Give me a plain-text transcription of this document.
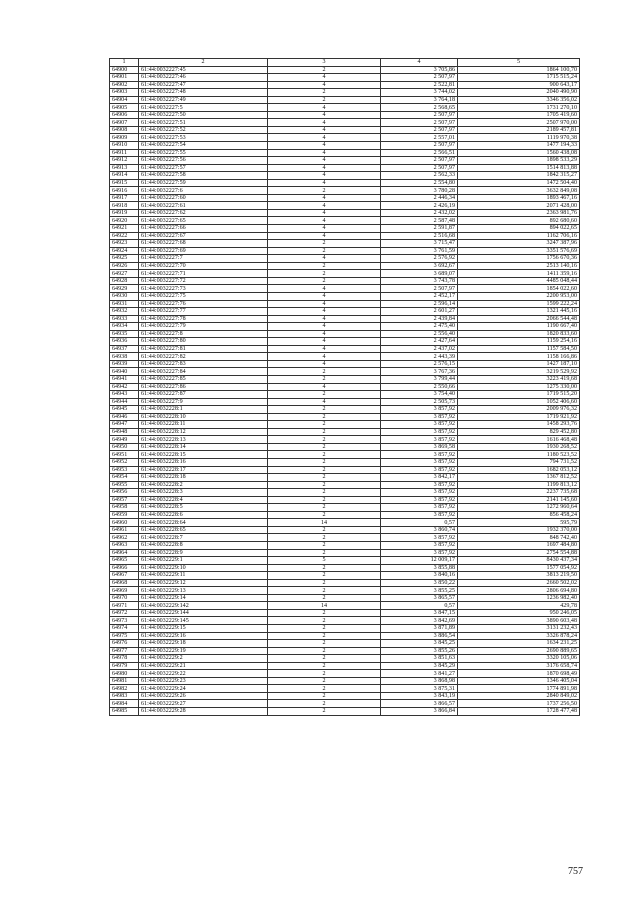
1	2	3	4	5
64900	61:44:0032227:45	2	3 705,86	1864 100,70
64901	61:44:0032227:46	4	2 507,97	1715 515,24
64902	61:44:0032227:47	4	2 522,81	900 643,17
64903	61:44:0032227:48	2	3 744,02	2040 490,90
64904	61:44:0032227:49	2	3 764,18	3346 356,02
64905	61:44:0032227:5	4	2 568,65	1731 270,10
64906	61:44:0032227:50	4	2 507,97	1705 419,60
64907	61:44:0032227:51	4	2 507,97	2507 970,00
64908	61:44:0032227:52	4	2 507,97	2189 457,81
64909	61:44:0032227:53	4	2 557,01	1119 970,38
64910	61:44:0032227:54	4	2 507,97	1477 194,33
64911	61:44:0032227:55	4	2 566,51	1560 438,08
64912	61:44:0032227:56	4	2 507,97	1898 533,29
64913	61:44:0032227:57	4	2 507,97	1514 813,88
64914	61:44:0032227:58	4	2 562,33	1842 315,27
64915	61:44:0032227:59	4	2 554,80	1472 504,40
64916	61:44:0032227:6	2	3 780,28	3632 849,08
64917	61:44:0032227:60	4	2 446,34	1893 467,16
64918	61:44:0032227:61	4	2 426,19	2071 428,00
64919	61:44:0032227:62	4	2 432,02	2363 981,76
64920	61:44:0032227:65	4	2 587,48	892 680,60
64921	61:44:0032227:66	4	2 591,87	894 022,65
64922	61:44:0032227:67	4	2 516,68	1162 706,16
64923	61:44:0032227:68	2	3 715,47	3247 387,96
64924	61:44:0032227:69	2	3 761,59	3351 576,69
64925	61:44:0032227:7	4	2 576,92	1756 670,36
64926	61:44:0032227:70	2	3 692,67	2513 140,16
64927	61:44:0032227:71	2	3 689,07	1411 359,16
64928	61:44:0032227:72	2	3 743,78	4485 048,44
64929	61:44:0032227:73	4	2 507,97	1854 022,60
64930	61:44:0032227:75	4	2 452,17	2200 953,00
64931	61:44:0032227:76	4	2 596,14	1599 222,24
64932	61:44:0032227:77	4	2 601,27	1321 445,16
64933	61:44:0032227:78	4	2 439,84	2066 544,48
64934	61:44:0032227:79	4	2 475,40	1190 667,40
64935	61:44:0032227:8	4	2 556,40	1820 833,60
64936	61:44:0032227:80	4	2 427,64	1159 254,16
64937	61:44:0032227:81	4	2 437,02	1157 584,50
64938	61:44:0032227:82	4	2 443,39	1158 166,86
64939	61:44:0032227:83	4	2 576,15	1427 187,10
64940	61:44:0032227:84	2	3 767,36	3219 529,92
64941	61:44:0032227:85	2	3 799,44	3223 419,68
64942	61:44:0032227:86	4	2 550,66	1275 330,00
64943	61:44:0032227:87	2	3 754,40	1719 515,20
64944	61:44:0032227:9	4	2 505,73	1052 406,60
64945	61:44:0032228:1	2	3 857,92	2009 976,32
64946	61:44:0032228:10	2	3 857,92	1719 921,92
64947	61:44:0032228:11	2	3 857,92	1458 293,76
64948	61:44:0032228:12	2	3 857,92	829 452,80
64949	61:44:0032228:13	2	3 857,92	1616 468,48
64950	61:44:0032228:14	2	3 869,58	1930 268,52
64951	61:44:0032228:15	2	3 857,92	1180 523,52
64952	61:44:0032228:16	2	3 857,92	794 731,52
64953	61:44:0032228:17	2	3 857,92	1682 053,12
64954	61:44:0032228:18	2	3 842,17	1367 812,52
64955	61:44:0032228:2	2	3 857,92	1199 813,12
64956	61:44:0032228:3	2	3 857,92	2237 735,68
64957	61:44:0032228:4	2	3 857,92	2141 145,60
64958	61:44:0032228:5	2	3 857,92	1272 960,64
64959	61:44:0032228:6	2	3 857,92	856 458,24
64960	61:44:0032228:64	14	0,57	595,79
64961	61:44:0032228:65	2	3 860,74	1932 370,00
64962	61:44:0032228:7	2	3 857,92	848 742,40
64963	61:44:0032228:8	2	3 857,92	1697 484,80
64964	61:44:0032228:9	2	3 857,92	2754 554,88
64965	61:44:0032229:1	5	12 009,17	8430 437,34
64966	61:44:0032229:10	2	3 855,88	1577 054,92
64967	61:44:0032229:11	2	3 840,16	3813 219,50
64968	61:44:0032229:12	2	3 850,22	2660 502,02
64969	61:44:0032229:13	2	3 855,25	2806 694,80
64970	61:44:0032229:14	2	3 865,57	1236 982,40
64971	61:44:0032229:142	14	0,57	429,78
64972	61:44:0032229:144	2	3 847,15	950 246,05
64973	61:44:0032229:145	2	3 842,69	3890 603,48
64974	61:44:0032229:15	2	3 871,89	3131 232,43
64975	61:44:0032229:16	2	3 886,54	3326 878,24
64976	61:44:0032229:18	2	3 845,25	1634 231,25
64977	61:44:0032229:19	2	3 855,26	2690 889,65
64978	61:44:0032229:2	2	3 851,63	3320 105,06
64979	61:44:0032229:21	2	3 845,29	3176 658,74
64980	61:44:0032229:22	2	3 841,27	1870 698,49
64981	61:44:0032229:23	2	3 868,98	1346 405,04
64982	61:44:0032229:24	2	3 875,31	1774 891,98
64983	61:44:0032229:26	2	3 843,19	2840 849,02
64984	61:44:0032229:27	2	3 866,57	1737 256,50
64985	61:44:0032229:28	2	3 866,84	1728 477,48
757
